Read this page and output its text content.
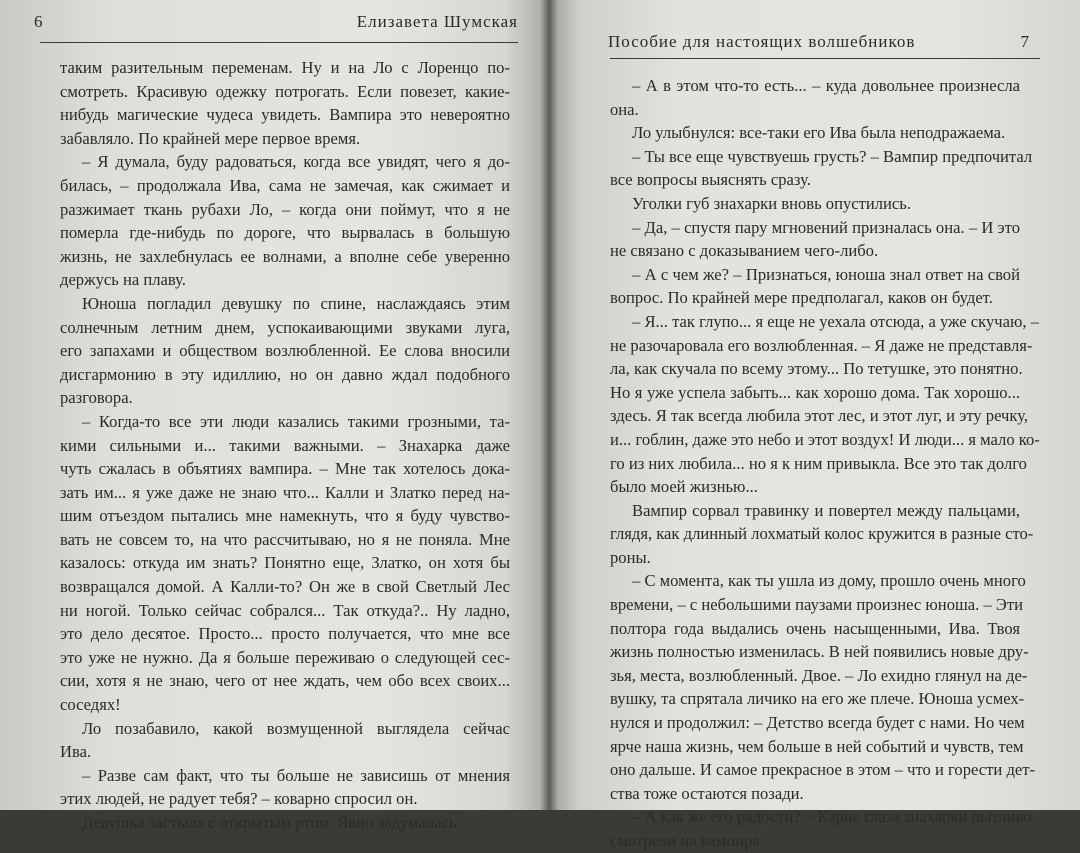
6	Елизавета Шумская
таким разительным переменам. Ну и на Ло с Лоренцо по-
смотреть. Красивую одежку потрогать. Если повезет, какие-
нибудь магические чудеса увидеть. Вампира это невероятно
забавляло. По крайней мере первое время.
– Я думала, буду радоваться, когда все увидят, чего я до-
билась, – продолжала Ива, сама не замечая, как сжимает и
разжимает ткань рубахи Ло, – когда они поймут, что я не
померла где-нибудь по дороге, что вырвалась в большую
жизнь, не захлебнулась ее волнами, а вполне себе уверенно
держусь на плаву.
Юноша погладил девушку по спине, наслаждаясь этим
солнечным летним днем, успокаивающими звуками луга,
его запахами и обществом возлюбленной. Ее слова вносили
дисгармонию в эту идиллию, но он давно ждал подобного
разговора.
– Когда-то все эти люди казались такими грозными, та-
кими сильными и... такими важными. – Знахарка даже
чуть сжалась в объятиях вампира. – Мне так хотелось дока-
зать им... я уже даже не знаю что... Калли и Златко перед на-
шим отъездом пытались мне намекнуть, что я буду чувство-
вать не совсем то, на что рассчитываю, но я не поняла. Мне
казалось: откуда им знать? Понятно еще, Златко, он хотя бы
возвращался домой. А Калли-то? Он же в свой Светлый Лес
ни ногой. Только сейчас собрался... Так откуда?.. Ну ладно,
это дело десятое. Просто... просто получается, что мне все
это уже не нужно. Да я больше переживаю о следующей сес-
сии, хотя я не знаю, чего от нее ждать, чем обо всех своих...
соседях!
Ло позабавило, какой возмущенной выглядела сейчас
Ива.
– Разве сам факт, что ты больше не зависишь от мнения
этих людей, не радует тебя? – коварно спросил он.
Девушка застыла с открытым ртом. Явно задумалась.
Пособие для настоящих волшебников	7
– А в этом что-то есть... – куда довольнее произнесла
она.
Ло улыбнулся: все-таки его Ива была неподражаема.
– Ты все еще чувствуешь грусть? – Вампир предпочитал
все вопросы выяснять сразу.
Уголки губ знахарки вновь опустились.
– Да, – спустя пару мгновений призналась она. – И это
не связано с доказыванием чего-либо.
– А с чем же? – Признаться, юноша знал ответ на свой
вопрос. По крайней мере предполагал, каков он будет.
– Я... так глупо... я еще не уехала отсюда, а уже скучаю, –
не разочаровала его возлюбленная. – Я даже не представля-
ла, как скучала по всему этому... По тетушке, это понятно.
Но я уже успела забыть... как хорошо дома. Так хорошо...
здесь. Я так всегда любила этот лес, и этот луг, и эту речку,
и... гоблин, даже это небо и этот воздух! И люди... я мало ко-
го из них любила... но я к ним привыкла. Все это так долго
было моей жизнью...
Вампир сорвал травинку и повертел между пальцами,
глядя, как длинный лохматый колос кружится в разные сто-
роны.
– С момента, как ты ушла из дому, прошло очень много
времени, – с небольшими паузами произнес юноша. – Эти
полтора года выдались очень насыщенными, Ива. Твоя
жизнь полностью изменилась. В ней появились новые дру-
зья, места, возлюбленный. Двое. – Ло ехидно глянул на де-
вушку, та спрятала личико на его же плече. Юноша усмех-
нулся и продолжил: – Детство всегда будет с нами. Но чем
ярче наша жизнь, чем больше в ней событий и чувств, тем
оно дальше. И самое прекрасное в этом – что и горести дет-
ства тоже остаются позади.
– А как же его радости? – Карие глаза знахарки пытливо
смотрели на вампира.
